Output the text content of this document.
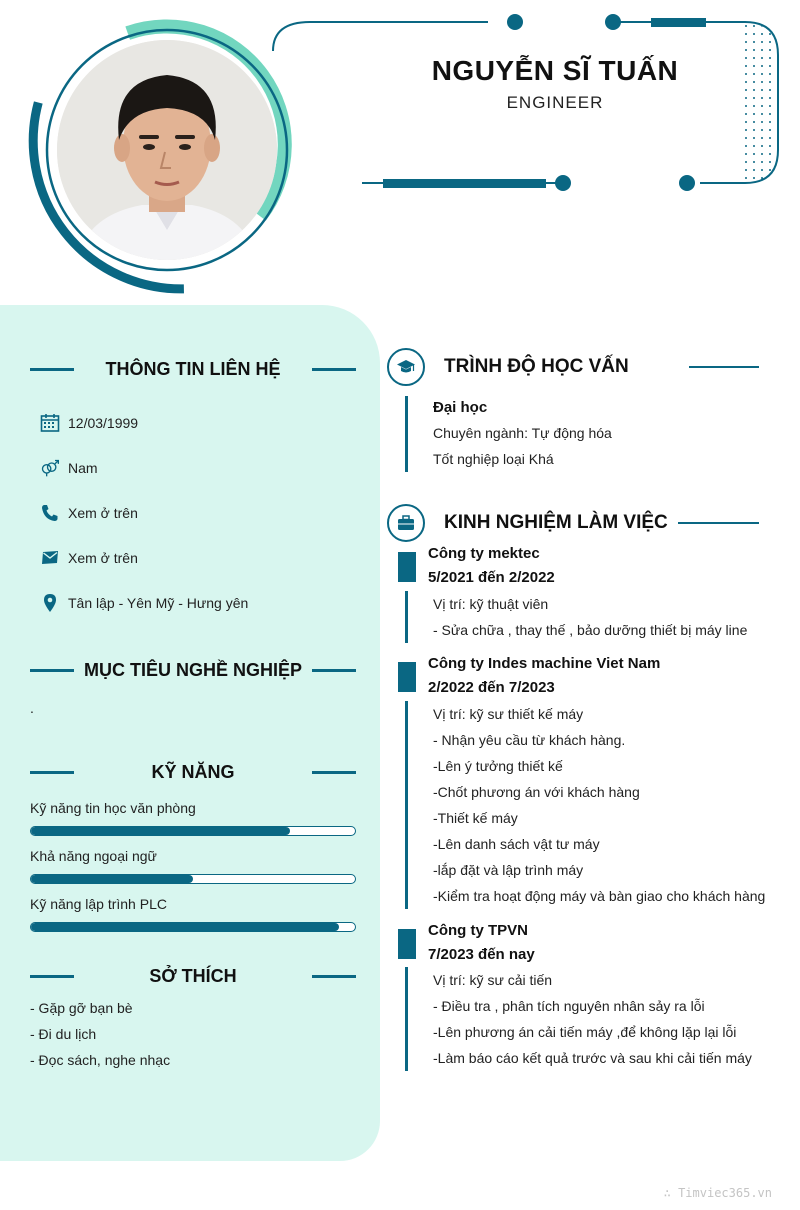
NGUYỄN SĨ TUẤN
ENGINEER
THÔNG TIN LIÊN HỆ
12/03/1999
Nam
Xem ở trên
Xem ở trên
Tân lập - Yên Mỹ - Hưng yên
MỤC TIÊU NGHỀ NGHIỆP
.
KỸ NĂNG
Kỹ năng tin học văn phòng
Khả năng ngoại ngữ
Kỹ năng lập trình PLC
SỞ THÍCH
- Gặp gỡ bạn bè
- Đi du lịch
- Đọc sách, nghe nhạc
TRÌNH ĐỘ HỌC VẤN
Đại học
Chuyên ngành: Tự động hóa
Tốt nghiệp loại Khá
KINH NGHIỆM LÀM VIỆC
Công ty mektec
5/2021 đến 2/2022
Vị trí: kỹ thuật viên
- Sửa chữa , thay thế , bảo dưỡng thiết bị máy line
Công ty Indes machine Viet Nam
2/2022 đến 7/2023
Vị trí: kỹ sư thiết kế máy
- Nhận yêu cầu từ khách hàng.
-Lên ý tưởng thiết kế
-Chốt phương án với khách hàng
-Thiết kế máy
-Lên danh sách vật tư máy
-lắp đặt và lập trình máy
-Kiểm tra hoạt động máy và bàn giao cho khách hàng
Công ty TPVN
7/2023 đến nay
Vị trí: kỹ sư cải tiến
- Điều tra , phân tích nguyên nhân sảy ra lỗi
-Lên phương án cải tiến máy ,để không lặp lại lỗi
-Làm báo cáo kết quả trước và sau khi cải tiến máy
∴ Timviec365.vn
